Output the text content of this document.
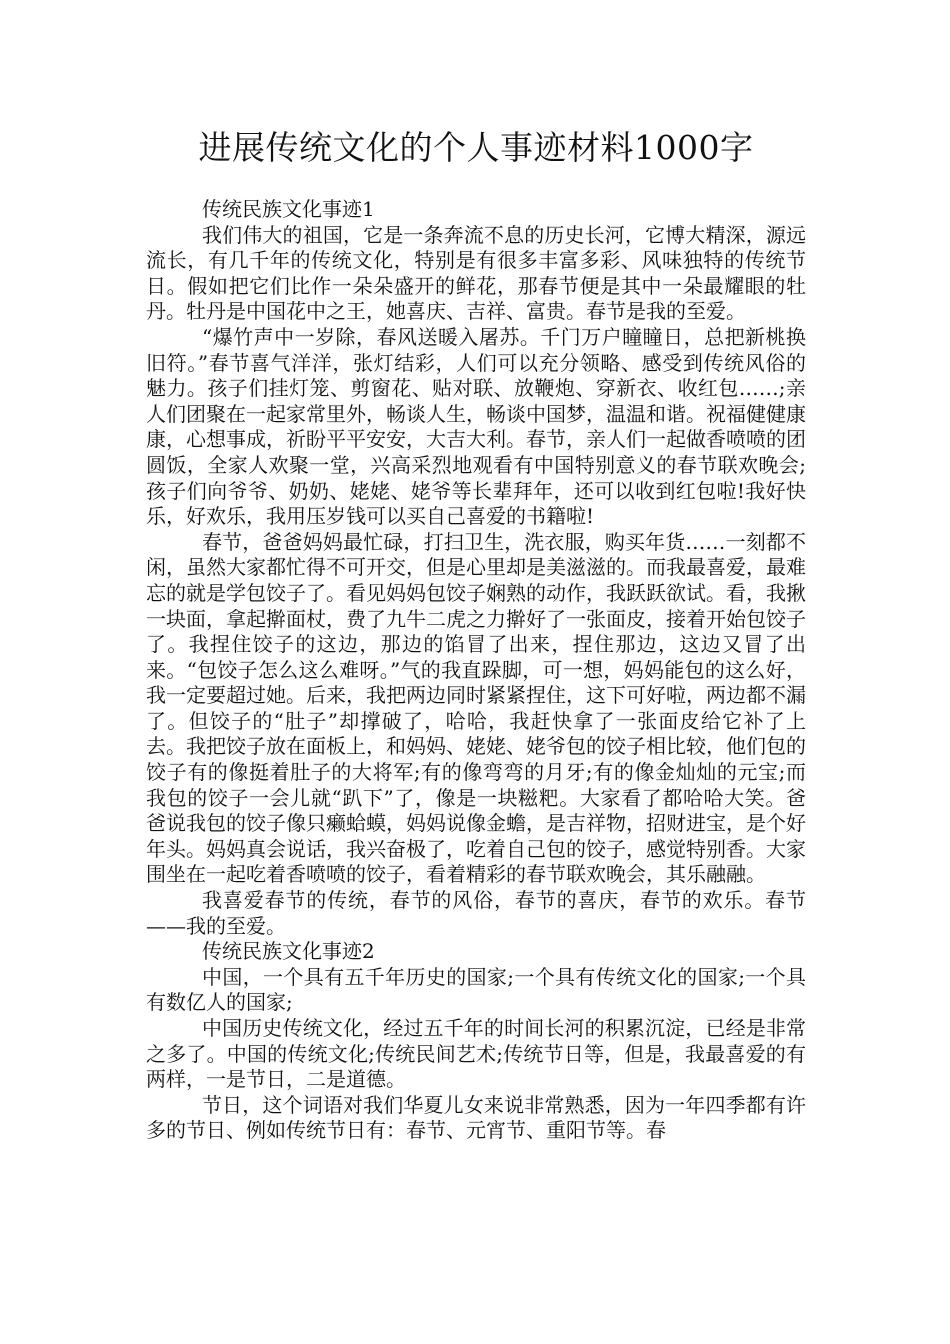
进展传统文化的个人事迹材料1000字

传统民族文化事迹1

我们伟大的祖国，它是一条奔流不息的历史长河，它博大精深，源远流长，有几千年的传统文化，特别是有很多丰富多彩、风味独特的传统节日。假如把它们比作一朵朵盛开的鲜花，那春节便是其中一朵最耀眼的牡丹。牡丹是中国花中之王，她喜庆、吉祥、富贵。春节是我的至爱。

“爆竹声中一岁除，春风送暖入屠苏。千门万户瞳瞳日，总把新桃换旧符。”春节喜气洋洋，张灯结彩，人们可以充分领略、感受到传统风俗的魅力。孩子们挂灯笼、剪窗花、贴对联、放鞭炮、穿新衣、收红包……;亲人们团聚在一起家常里外，畅谈人生，畅谈中国梦，温温和谐。祝福健健康康，心想事成，祈盼平平安安，大吉大利。春节，亲人们一起做香喷喷的团圆饭，全家人欢聚一堂，兴高采烈地观看有中国特别意义的春节联欢晚会;孩子们向爷爷、奶奶、姥姥、姥爷等长辈拜年，还可以收到红包啦!我好快乐，好欢乐，我用压岁钱可以买自己喜爱的书籍啦!

春节，爸爸妈妈最忙碌，打扫卫生，洗衣服，购买年货……一刻都不闲，虽然大家都忙得不可开交，但是心里却是美滋滋的。而我最喜爱，最难忘的就是学包饺子了。看见妈妈包饺子娴熟的动作，我跃跃欲试。看，我揪一块面，拿起擀面杖，费了九牛二虎之力擀好了一张面皮，接着开始包饺子了。我捏住饺子的这边，那边的馅冒了出来，捏住那边，这边又冒了出来。“包饺子怎么这么难呀。”气的我直跺脚，可一想，妈妈能包的这么好，我一定要超过她。后来，我把两边同时紧紧捏住，这下可好啦，两边都不漏了。但饺子的“肚子”却撑破了，哈哈，我赶快拿了一张面皮给它补了上去。我把饺子放在面板上，和妈妈、姥姥、姥爷包的饺子相比较，他们包的饺子有的像挺着肚子的大将军;有的像弯弯的月牙;有的像金灿灿的元宝;而我包的饺子一会儿就“趴下”了，像是一块糍粑。大家看了都哈哈大笑。爸爸说我包的饺子像只癞蛤蟆，妈妈说像金蟾，是吉祥物，招财进宝，是个好年头。妈妈真会说话，我兴奋极了，吃着自己包的饺子，感觉特别香。大家围坐在一起吃着香喷喷的饺子，看着精彩的春节联欢晚会，其乐融融。

我喜爱春节的传统，春节的风俗，春节的喜庆，春节的欢乐。春节——我的至爱。

传统民族文化事迹2

中国，一个具有五千年历史的国家;一个具有传统文化的国家;一个具有数亿人的国家;

中国历史传统文化，经过五千年的时间长河的积累沉淀，已经是非常之多了。中国的传统文化;传统民间艺术;传统节日等，但是，我最喜爱的有两样，一是节日，二是道德。

节日，这个词语对我们华夏儿女来说非常熟悉，因为一年四季都有许多的节日、例如传统节日有：春节、元宵节、重阳节等。春
